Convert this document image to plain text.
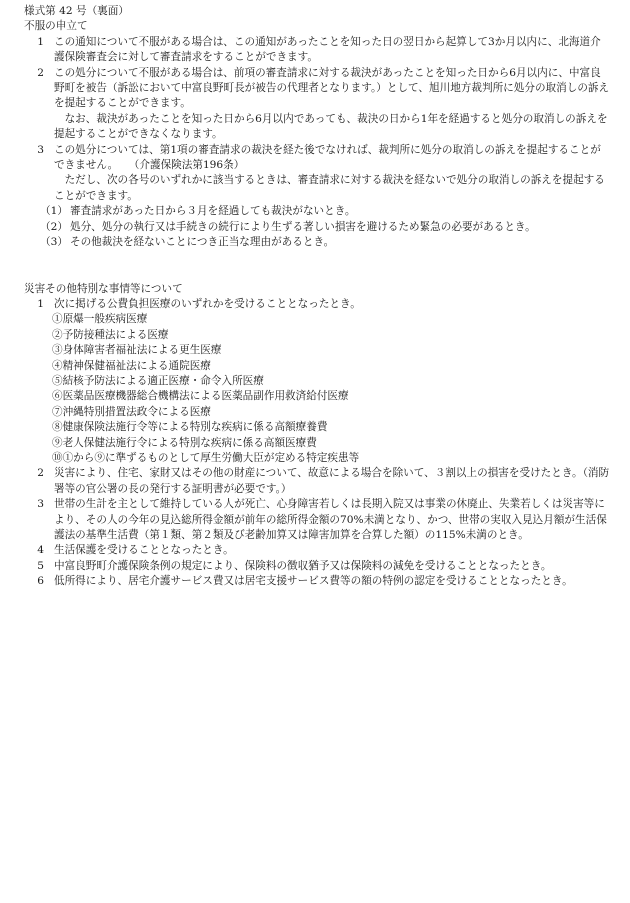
様式第 42 号（裏面）
不服の申立て
1 この通知について不服がある場合は、この通知があったことを知った日の翌日から起算して3か月以内に、北海道介護保険審査会に対して審査請求をすることができます。
2 この処分について不服がある場合は、前項の審査請求に対する裁決があったことを知った日から6月以内に、中富良野町を被告（訴訟において中富良野町長が被告の代理者となります。）として、旭川地方裁判所に処分の取消しの訴えを提起することができます。
なお、裁決があったことを知った日から6月以内であっても、裁決の日から1年を経過すると処分の取消しの訴えを提起することができなくなります。
3 この処分については、第1項の審査請求の裁決を経た後でなければ、裁判所に処分の取消しの訴えを提起することができません。　　（介護保険法第196条）
ただし、次の各号のいずれかに該当するときは、審査請求に対する裁決を経ないで処分の取消しの訴えを提起することができます。
（1） 審査請求があった日から３月を経過しても裁決がないとき。
（2） 処分、処分の執行又は手続きの続行により生ずる著しい損害を避けるため緊急の必要があるとき。
（3） その他裁決を経ないことにつき正当な理由があるとき。
災害その他特別な事情等について
1 次に掲げる公費負担医療のいずれかを受けることとなったとき。
①原爆一般疾病医療
②予防接種法による医療
③身体障害者福祉法による更生医療
④精神保健福祉法による通院医療
⑤結核予防法による適正医療・命令入所医療
⑥医薬品医療機器総合機構法による医薬品副作用救済給付医療
⑦沖縄特別措置法政令による医療
⑧健康保険法施行令等による特別な疾病に係る高額療養費
⑨老人保健法施行令による特別な疾病に係る高額医療費
⑩①から⑨に準ずるものとして厚生労働大臣が定める特定疾患等
2 災害により、住宅、家財又はその他の財産について、故意による場合を除いて、３割以上の損害を受けたとき。（消防署等の官公署の長の発行する証明書が必要です。）
3 世帯の生計を主として維持している人が死亡、心身障害若しくは長期入院又は事業の休廃止、失業若しくは災害等により、その人の今年の見込総所得金額が前年の総所得金額の70%未満となり、かつ、世帯の実収入見込月額が生活保護法の基準生活費（第１類、第２類及び老齢加算又は障害加算を合算した額）の115%未満のとき。
4 生活保護を受けることとなったとき。
5 中富良野町介護保険条例の規定により、保険料の徴収猶予又は保険料の減免を受けることとなったとき。
6 低所得により、居宅介護サービス費又は居宅支援サービス費等の額の特例の認定を受けることとなったとき。
